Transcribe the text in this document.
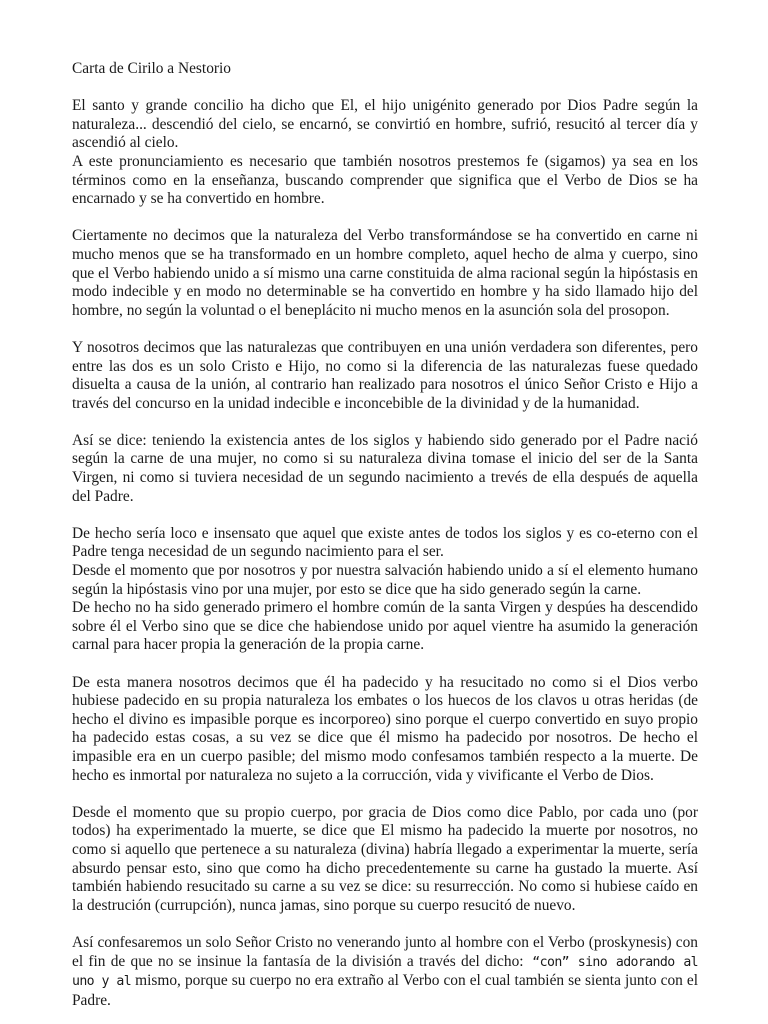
Carta de Cirilo a Nestorio

El santo y grande concilio ha dicho que El, el hijo unigénito generado por Dios Padre según la naturaleza... descendió del cielo, se encarnó, se convirtió en hombre, sufrió, resucitó al tercer día y ascendió al cielo.

A este pronunciamiento es necesario que también nosotros prestemos fe (sigamos) ya sea en los términos como en la enseñanza, buscando comprender que significa que el Verbo de Dios se ha encarnado y se ha convertido en hombre.

Ciertamente no decimos que la naturaleza del Verbo transformándose se ha convertido en carne ni mucho menos que se ha transformado en un hombre completo, aquel hecho de alma y cuerpo, sino que el Verbo habiendo unido a sí mismo una carne constituida de alma racional según la hipóstasis en modo indecible y en modo no determinable se ha convertido en hombre y ha sido llamado hijo del hombre, no según la voluntad o el beneplácito ni mucho menos en la asunción sola del prosopon.

Y nosotros decimos que las naturalezas que contribuyen en una unión verdadera son diferentes, pero entre las dos es un solo Cristo e Hijo, no como si la diferencia de las naturalezas fuese quedado disuelta a causa de la unión, al contrario han realizado para nosotros el único Señor Cristo e Hijo a través del concurso en la unidad indecible e inconcebible de la divinidad y de la humanidad.

Así se dice: teniendo la existencia antes de los siglos y habiendo sido generado por el Padre nació según la carne de una mujer, no como si su naturaleza divina tomase el inicio del ser de la Santa Virgen, ni como si tuviera necesidad de un segundo nacimiento a trevés de ella después de aquella del Padre.

De hecho sería loco e insensato que aquel que existe antes de todos los siglos y es co-eterno con el Padre tenga necesidad de un segundo nacimiento para el ser.

Desde el momento que por nosotros y por nuestra salvación habiendo unido a sí el elemento humano según la hipóstasis vino por una mujer, por esto se dice que ha sido generado según la carne.

De hecho no ha sido generado primero el hombre común de la santa Virgen y despúes ha descendido sobre él el Verbo sino que se dice che habiendose unido por aquel vientre ha asumido la generación carnal para hacer propia la generación de la propia carne.

De esta manera nosotros decimos que él ha padecido y ha resucitado no como si el Dios verbo hubiese padecido en su propia naturaleza los embates o los huecos de los clavos u otras heridas (de hecho el divino es impasible porque es incorporeo) sino porque el cuerpo convertido en suyo propio ha padecido estas cosas, a su vez se dice que él mismo ha padecido por nosotros. De hecho el impasible era en un cuerpo pasible; del mismo modo confesamos también respecto a la muerte. De hecho es inmortal por naturaleza no sujeto a la corrucción, vida y vivificante el Verbo de Dios.

Desde el momento que su propio cuerpo, por gracia de Dios como dice Pablo, por cada uno (por todos) ha experimentado la muerte, se dice que El mismo ha padecido la muerte por nosotros, no como si aquello que pertenece a su naturaleza (divina) habría llegado a experimentar la muerte, sería absurdo pensar esto, sino que como ha dicho precedentemente su carne ha gustado la muerte. Así también habiendo resucitado su carne a su vez se dice: su resurrección. No como si hubiese caído en la destrución (currupción), nunca jamas, sino porque su cuerpo resucitó de nuevo.

Así confesaremos un solo Señor Cristo no venerando junto al hombre con el Verbo (proskynesis) con el fin de que no se insinue la fantasía de la división a través del dicho: “con” sino adorando al uno y al mismo, porque su cuerpo no era extraño al Verbo con el cual también se sienta junto con el Padre.
